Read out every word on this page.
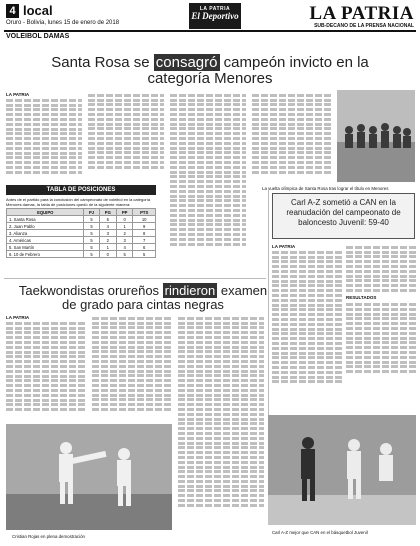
4 local
Oruro - Bolivia, lunes 15 de enero de 2018
LA PATRIA
El Deportivo	LA PATRIA
SUB-DECANO DE LA PRENSA NACIONAL
VOLEIBOL DAMAS
Santa Rosa se consagró campeón invicto en la categoría Menores
LA PATRIA
La vuelta olímpica de Santa Rosa tras lograr el título en Menores
TABLA DE POSICIONES
Antes de el partido para la conclusión del campeonato de voleibol en la categoría Menores damas, la tabla de posiciones quedó de la siguiente manera:
EQUIPO	PJ	PG	PP	PTS
1. Santa Rosa	5	5	0	10
2. Juan Pablo	5	4	1	9
3. Alianza	5	3	2	8
4. Américas	5	2	3	7
5. San Martín	5	1	4	6
6. 10 de Febrero	5	0	5	5
Taekwondistas orureños rindieron examen de grado para cintas negras
LA PATRIA
Cristian Rojas en plena demostración
Carl A-Z sometió a CAN en la reanudación del campeonato de baloncesto Juvenil: 59-40
LA PATRIA
RESULTADOS
Carl A-Z mejor que CAN en el básquetbol Juvenil
